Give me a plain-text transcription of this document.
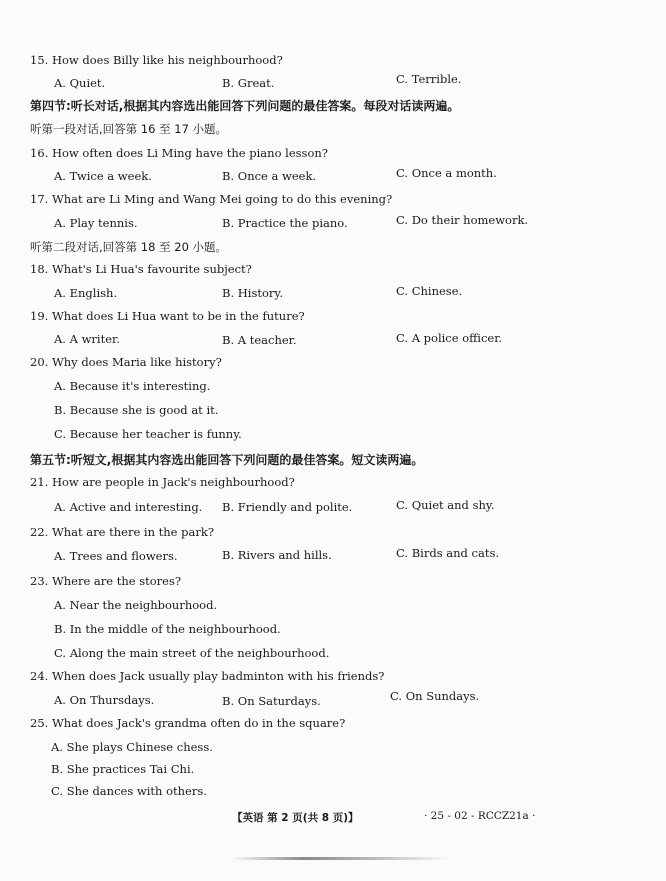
15. How does Billy like his neighbourhood?
A. Quiet.	B. Great.	C. Terrible.
第四节:听长对话,根据其内容选出能回答下列问题的最佳答案。每段对话读两遍。
听第一段对话,回答第 16 至 17 小题。
16. How often does Li Ming have the piano lesson?
A. Twice a week.	B. Once a week.	C. Once a month.
17. What are Li Ming and Wang Mei going to do this evening?
A. Play tennis.	B. Practice the piano.	C. Do their homework.
听第二段对话,回答第 18 至 20 小题。
18. What's Li Hua's favourite subject?
A. English.	B. History.	C. Chinese.
19. What does Li Hua want to be in the future?
A. A writer.	B. A teacher.	C. A police officer.
20. Why does Maria like history?
A. Because it's interesting.
B. Because she is good at it.
C. Because her teacher is funny.
第五节:听短文,根据其内容选出能回答下列问题的最佳答案。短文读两遍。
21. How are people in Jack's neighbourhood?
A. Active and interesting. B. Friendly and polite.	C. Quiet and shy.
22. What are there in the park?
A. Trees and flowers.	B. Rivers and hills.	C. Birds and cats.
23. Where are the stores?
A. Near the neighbourhood.
B. In the middle of the neighbourhood.
C. Along the main street of the neighbourhood.
24. When does Jack usually play badminton with his friends?
A. On Thursdays.	B. On Saturdays.	C. On Sundays.
25. What does Jack's grandma often do in the square?
A. She plays Chinese chess.
B. She practices Tai Chi.
C. She dances with others.
【英语 第 2 页(共 8 页)】	· 25 - 02 - RCCZ21a ·
